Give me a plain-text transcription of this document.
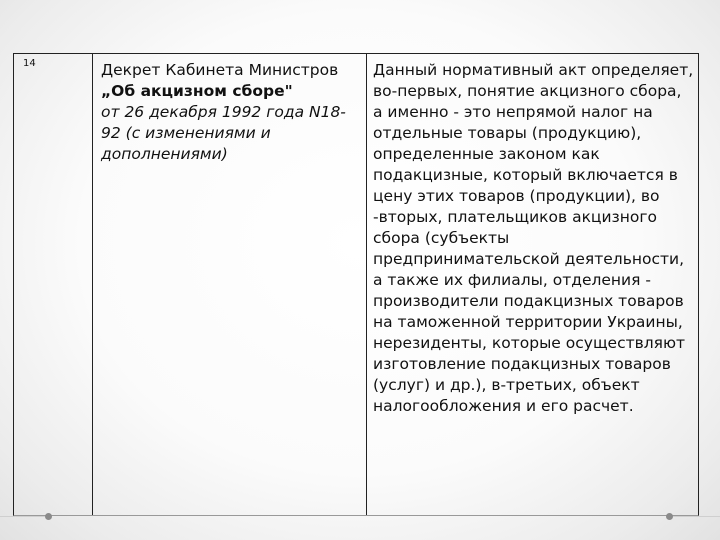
14	Декрет Кабинета Министров „Об акцизном сборе"
от 26 декабря 1992 года N18-92 (с изменениями и дополнениями)
Данный нормативный акт определяет, во-первых, понятие акцизного сбора, а именно - это непрямой налог на отдельные товары (продукцию), определенные законом как подакцизные, который включается в цену этих товаров (продукции), во -вторых, плательщиков акцизного сбора (субъекты предпринимательской деятельности, а также их филиалы, отделения - производители подакцизных товаров на таможенной территории Украины, нерезиденты, которые осуществляют изготовление подакцизных товаров (услуг) и др.), в-третьих, объект налогообложения и его расчет.
